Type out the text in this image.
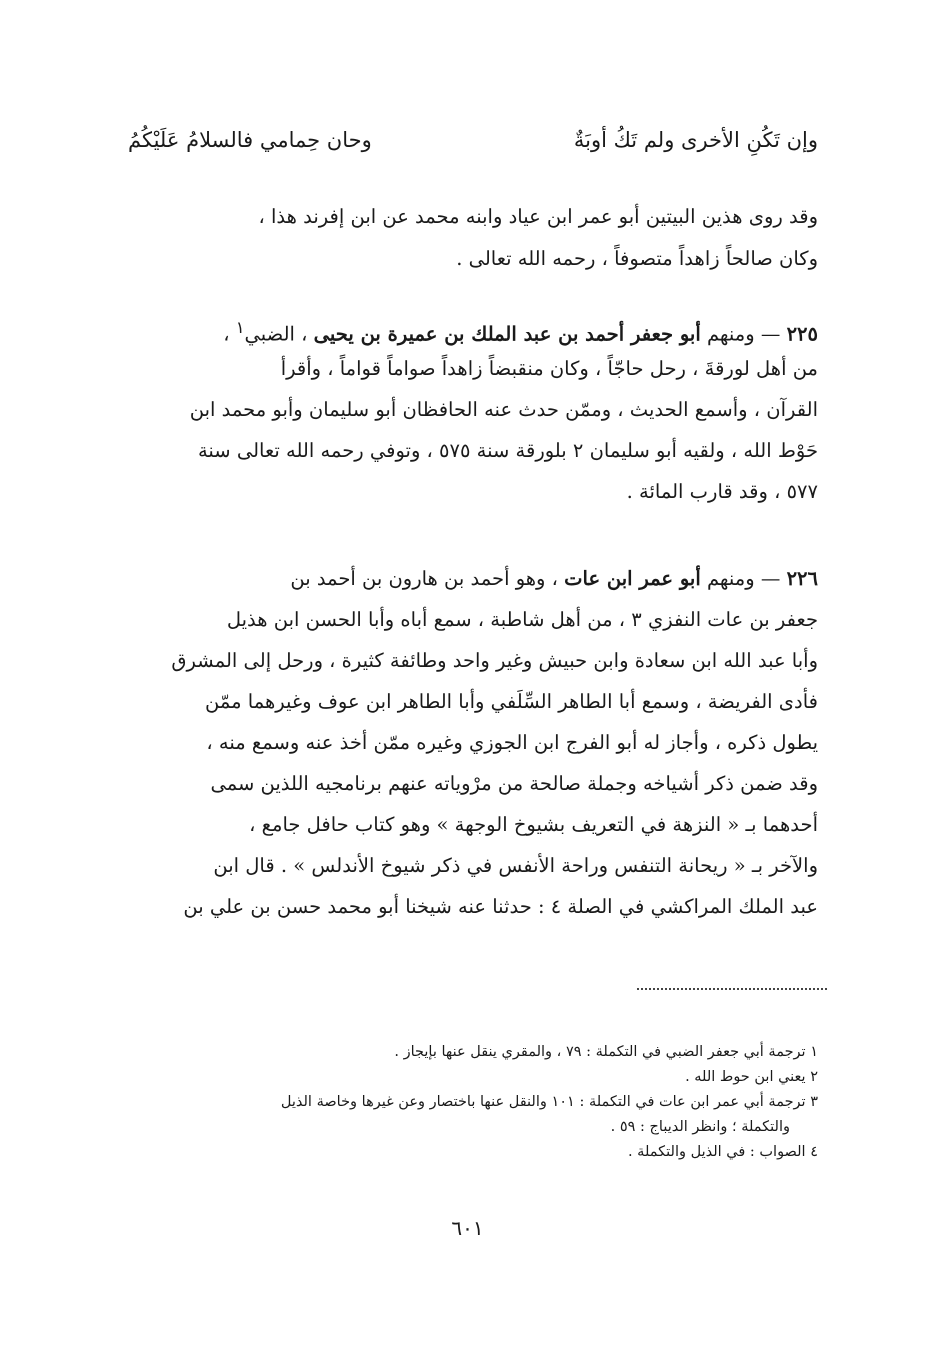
وإن تَكُنِ الأخرى ولم تَكُ أوبَةٌ
وحان حِمامي فالسلامُ عَلَيْكُمُ
وقد روى هذين البيتين أبو عمر ابن عياد وابنه محمد عن ابن إفرند هذا ،
وكان صالحاً زاهداً متصوفاً ، رحمه الله تعالى .
٢٢٥ — ومنهم أبو جعفر أحمد بن عبد الملك بن عميرة بن يحيى ، الضبي$^١$ ،
من أهل لورقةَ ، رحل حاجّاً ، وكان منقبضاً زاهداً صواماً قواماً ، وأقرأ
القرآن ، وأسمع الحديث ، وممّن حدث عنه الحافظان أبو سليمان وأبو محمد ابن
حَوْط الله ، ولقيه أبو سليمان ٢ بلورقة سنة ٥٧٥ ، وتوفي رحمه الله تعالى سنة
٥٧٧ ، وقد قارب المائة .
٢٢٦ — ومنهم أبو عمر ابن عات ، وهو أحمد بن هارون بن أحمد بن
جعفر بن عات النفزي ٣ ، من أهل شاطبة ، سمع أباه وأبا الحسن ابن هذيل
وأبا عبد الله ابن سعادة وابن حبيش وغير واحد وطائفة كثيرة ، ورحل إلى المشرق
فأدى الفريضة ، وسمع أبا الطاهر السِّلَفي وأبا الطاهر ابن عوف وغيرهما ممّن
يطول ذكره ، وأجاز له أبو الفرج ابن الجوزي وغيره ممّن أخذ عنه وسمع منه ،
وقد ضمن ذكر أشياخه وجملة صالحة من مرْوياته عنهم برنامجيه اللذين سمى
أحدهما بـ « النزهة في التعريف بشيوخ الوجهة » وهو كتاب حافل جامع ،
والآخر بـ « ريحانة التنفس وراحة الأنفس في ذكر شيوخ الأندلس » . قال ابن
عبد الملك المراكشي في الصلة ٤ : حدثنا عنه شيخنا أبو محمد حسن بن علي بن
١ ترجمة أبي جعفر الضبي في التكملة : ٧٩ ، والمقري ينقل عنها بإيجاز .
٢ يعني ابن حوط الله .
٣ ترجمة أبي عمر ابن عات في التكملة : ١٠١ والنقل عنها باختصار وعن غيرها وخاصة الذيل
والتكملة ؛ وانظر الديباج : ٥٩ .
٤ الصواب : في الذيل والتكملة .
٦٠١
